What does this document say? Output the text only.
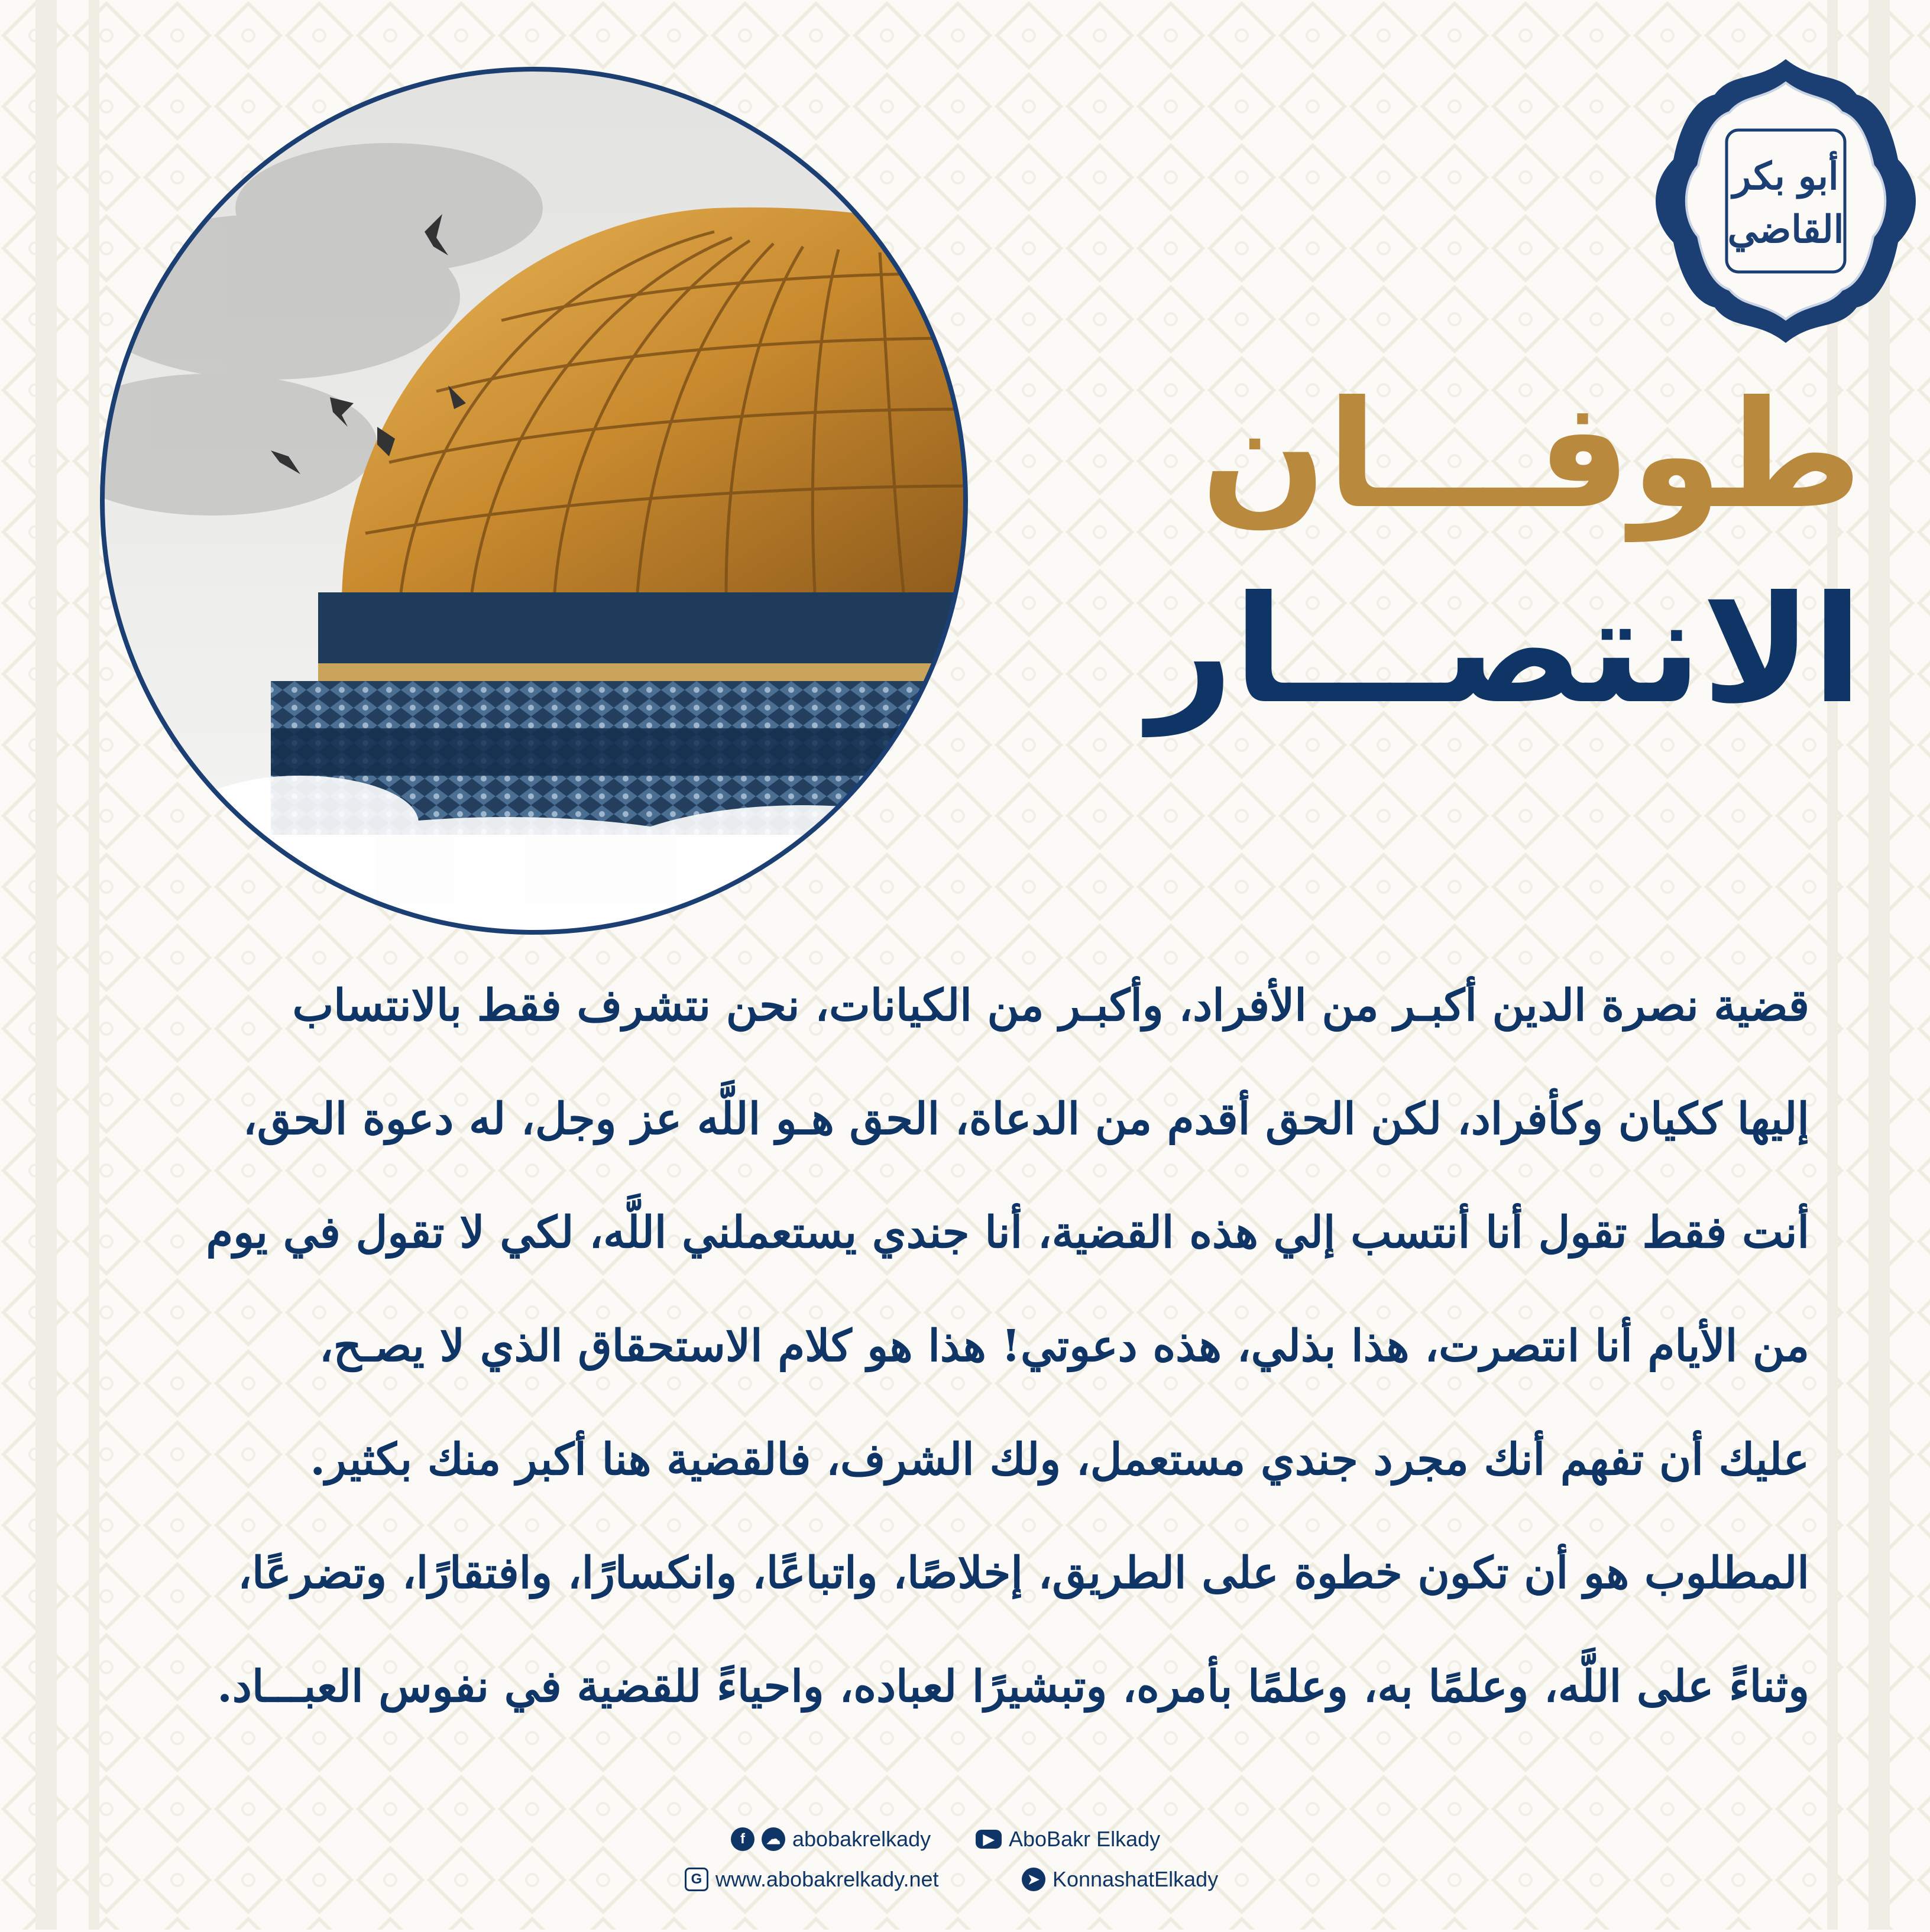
أبو بكر
القاضي
طوفـــان
الانتصـــار

قضية نصرة الدين أكبـر من الأفراد، وأكبـر من الكيانات، نحن نتشرف فقط بالانتساب

إليها ككيان وكأفراد، لكن الحق أقدم من الدعاة، الحق هـو اللَّه عز وجل، له دعوة الحق،

أنت فقط تقول أنا أنتسب إلي هذه القضية، أنا جندي يستعملني اللَّه، لكي لا تقول في يوم

من الأيام أنا انتصرت، هذا بذلي، هذه دعوتي! هذا هو كلام الاستحقاق الذي لا يصـح،

عليك أن تفهم أنك مجرد جندي مستعمل، ولك الشرف، فالقضية هنا أكبر منك بكثير.

المطلوب هو أن تكون خطوة على الطريق، إخلاصًا، واتباعًا، وانكسارًا، وافتقارًا، وتضرعًا،

وثناءً على اللَّه، وعلمًا به، وعلمًا بأمره، وتبشيرًا لعباده، واحياءً للقضية في نفوس العبـــاد.

f	☁ abobakrelkady	▶ AboBakr Elkady
G www.abobakrelkady.net	➤ KonnashatElkady
